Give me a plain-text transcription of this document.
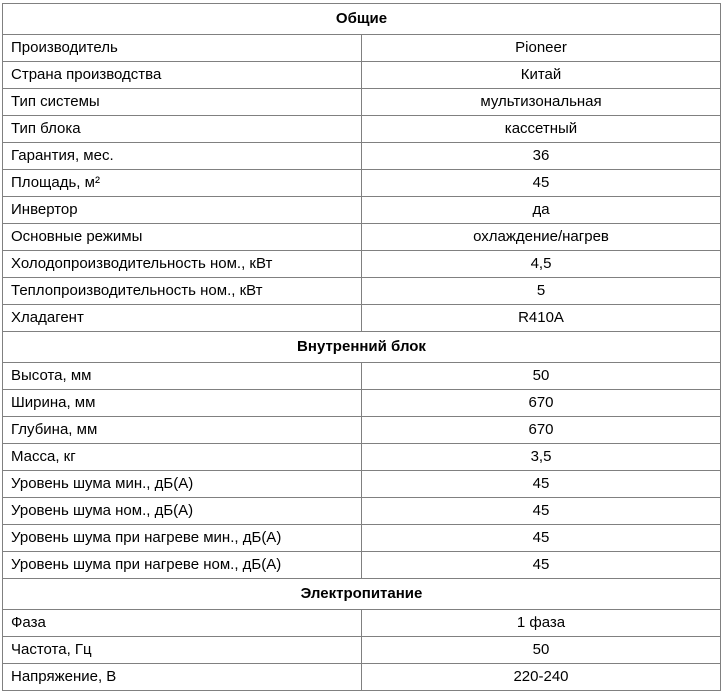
Общие	
Производитель	Pioneer
Страна производства	Китай
Тип системы	мультизональная
Тип блока	кассетный
Гарантия, мес.	36
Площадь, м²	45
Инвертор	да
Основные режимы	охлаждение/нагрев
Холодопроизводительность ном., кВт	4,5
Теплопроизводительность ном., кВт	5
Хладагент	R410A
Внутренний блок	
Высота, мм	50
Ширина, мм	670
Глубина, мм	670
Масса, кг	3,5
Уровень шума мин., дБ(А)	45
Уровень шума ном., дБ(А)	45
Уровень шума при нагреве мин., дБ(А)	45
Уровень шума при нагреве ном., дБ(А)	45
Электропитание	
Фаза	1 фаза
Частота, Гц	50
Напряжение, В	220-240
